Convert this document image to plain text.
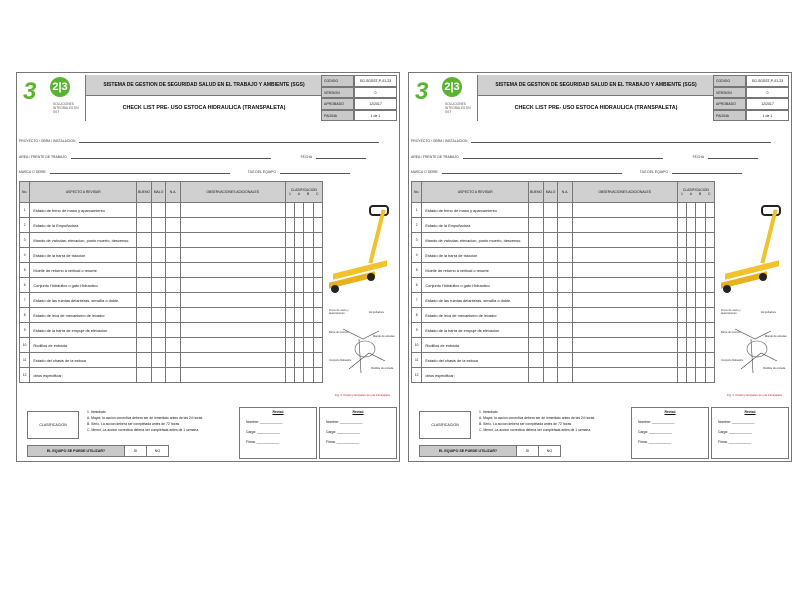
3 2|3
SOLUCIONES INTEGRALES EN SST
SISTEMA DE GESTION DE SEGURIDAD SALUD EN EL TRABAJO Y AMBIENTE (SGS)
CHECK LIST PRE- USO ESTOCA HIDRAULICA (TRANSPALETA)
CODIGO	SG-SGSST-P-01-23
VERSION	0
APROBADO	12/2017
PAGINA	1 de 1
PROYECTO / OBRA / INSTALACION
AREA / FRENTE DE TRABAJO	FECHA
MARCA O SERIE	TAG DEL EQUIPO
No.	ASPECTO A REVISAR	BUENO	MALO	N.A.	OBSERVACIONES ADICIONALES	CLASIFICACION
1 A B C			

1	Estado de freno de mano y aparcamiento								
2	Estado de la Empuñadura								
3	Mando de valvulas: elevacion, punto muerto, descenso.								
4	Estado de la barra de traccion								
5	Muelle de retorno a vertical o resorte								
6	Conjunto Hidraulico o gato Hidraulico								
7	Estado de las ruedas delanteras, sencilla o doble.								
8	Estado de leva de mecanismo de levador								
9	Estado de la barra de empuje de elevacion								
10	Rodillos de entrada								
11	Estado del chasis de la estoca								
12	otros especificar:								
Freno de mano y aparcamiento	Empuñadura
Barra de traccion
Mando de valvulas
Conjunto hidraulico
Rodillos de entrada
Fig. 2. Partes principales de una transpaleta
CLASIFICACION
1. Inmediato
A. Mayor, la accion correctiva debera ser de inmediato antes de las 24 horas.
B. Serio, La accion debera ser completada antes de 72 horas
C. Menor, La accion correctiva debera ser completada antes de 1 semana.
EL EQUIPO SE PUEDE UTILIZAR?	SI	NO
Revisó
Nombre: ____________
Cargo: ____________
Firma: ____________
Revisó
Nombre: ____________
Cargo: ____________
Firma: ____________
3 2|3
SOLUCIONES INTEGRALES EN SST
SISTEMA DE GESTION DE SEGURIDAD SALUD EN EL TRABAJO Y AMBIENTE (SGS)
CHECK LIST PRE- USO ESTOCA HIDRAULICA (TRANSPALETA)
CODIGO	SG-SGSST-P-01-23
VERSION	0
APROBADO	12/2017
PAGINA	1 de 1
PROYECTO / OBRA / INSTALACION
AREA / FRENTE DE TRABAJO	FECHA
MARCA O SERIE	TAG DEL EQUIPO
No.	ASPECTO A REVISAR	BUENO	MALO	N.A.	OBSERVACIONES ADICIONALES	CLASIFICACION
1 A B C			

1	Estado de freno de mano y aparcamiento								
2	Estado de la Empuñadura								
3	Mando de valvulas: elevacion, punto muerto, descenso.								
4	Estado de la barra de traccion								
5	Muelle de retorno a vertical o resorte								
6	Conjunto Hidraulico o gato Hidraulico								
7	Estado de las ruedas delanteras, sencilla o doble.								
8	Estado de leva de mecanismo de levador								
9	Estado de la barra de empuje de elevacion								
10	Rodillos de entrada								
11	Estado del chasis de la estoca								
12	otros especificar:								
Freno de mano y aparcamiento	Empuñadura
Barra de traccion
Mando de valvulas
Conjunto hidraulico
Rodillos de entrada
Fig. 2. Partes principales de una transpaleta
CLASIFICACION
1. Inmediato
A. Mayor, la accion correctiva debera ser de inmediato antes de las 24 horas.
B. Serio, La accion debera ser completada antes de 72 horas
C. Menor, La accion correctiva debera ser completada antes de 1 semana.
EL EQUIPO SE PUEDE UTILIZAR?	SI	NO
Revisó
Nombre: ____________
Cargo: ____________
Firma: ____________
Revisó
Nombre: ____________
Cargo: ____________
Firma: ____________
